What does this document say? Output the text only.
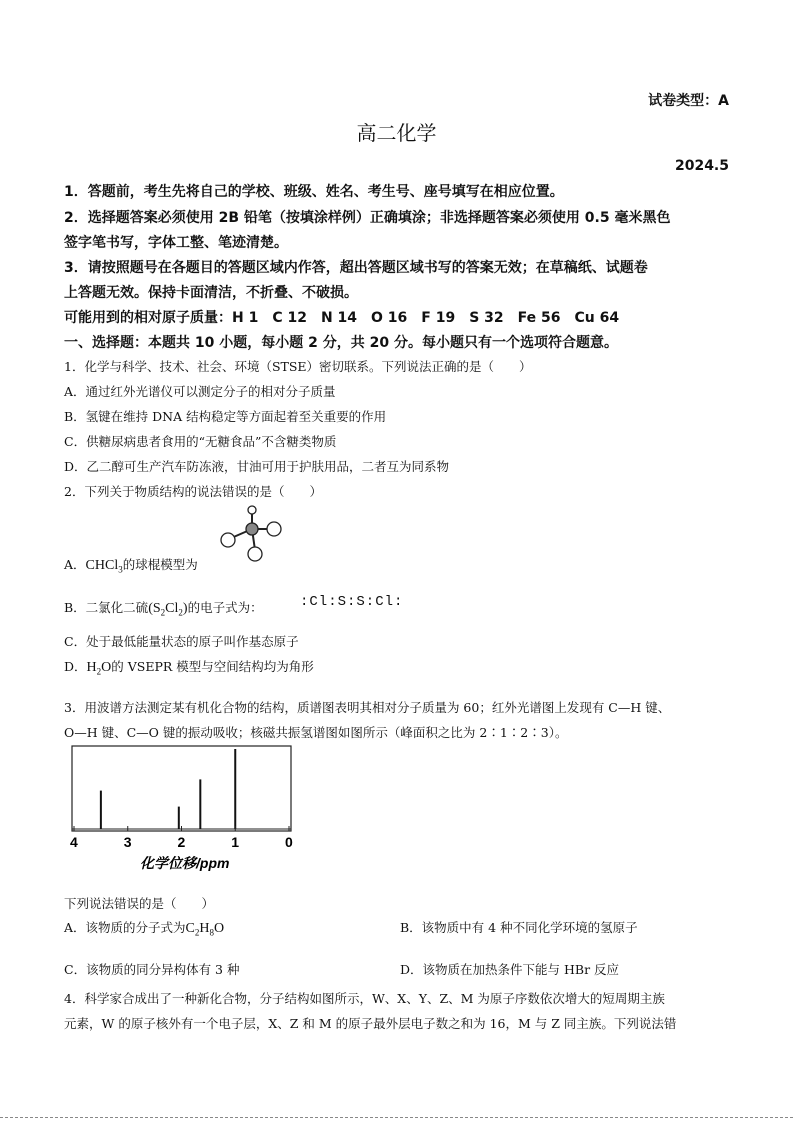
试卷类型：A
高二化学
2024.5
1．答题前，考生先将自己的学校、班级、姓名、考生号、座号填写在相应位置。
2．选择题答案必须使用 2B 铅笔（按填涂样例）正确填涂；非选择题答案必须使用 0.5 毫米黑色
签字笔书写，字体工整、笔迹清楚。
3．请按照题号在各题目的答题区域内作答，超出答题区域书写的答案无效；在草稿纸、试题卷
上答题无效。保持卡面清洁，不折叠、不破损。
可能用到的相对原子质量：H 1　C 12　N 14　O 16　F 19　S 32　Fe 56　Cu 64
一、选择题：本题共 10 小题，每小题 2 分，共 20 分。每小题只有一个选项符合题意。
1．化学与科学、技术、社会、环境（STSE）密切联系。下列说法正确的是（　　）
A．通过红外光谱仪可以测定分子的相对分子质量
B．氢键在维持 DNA 结构稳定等方面起着至关重要的作用
C．供糖尿病患者食用的“无糖食品”不含糖类物质
D．乙二醇可生产汽车防冻液，甘油可用于护肤用品，二者互为同系物
2．下列关于物质结构的说法错误的是（　　）
A．CHCl$_3$的球棍模型为
B．二氯化二硫$(S_2Cl_2)$的电子式为：	:Cl:S:S:Cl:
C．处于最低能量状态的原子叫作基态原子
D．$H_2O$的 VSEPR 模型与空间结构均为角形
3．用波谱方法测定某有机化合物的结构，质谱图表明其相对分子质量为 60；红外光谱图上发现有 C—H 键、
O—H 键、C—O 键的振动吸收；核磁共振氢谱图如图所示（峰面积之比为 2∶1∶2∶3）。
4	3	2	1	0
化学位移/ppm
下列说法错误的是（　　）
A．该物质的分子式为$C_2H_8O$	B．该物质中有 4 种不同化学环境的氢原子
C．该物质的同分异构体有 3 种	D．该物质在加热条件下能与 HBr 反应
4．科学家合成出了一种新化合物，分子结构如图所示，W、X、Y、Z、M 为原子序数依次增大的短周期主族
元素，W 的原子核外有一个电子层，X、Z 和 M 的原子最外层电子数之和为 16，M 与 Z 同主族。下列说法错
